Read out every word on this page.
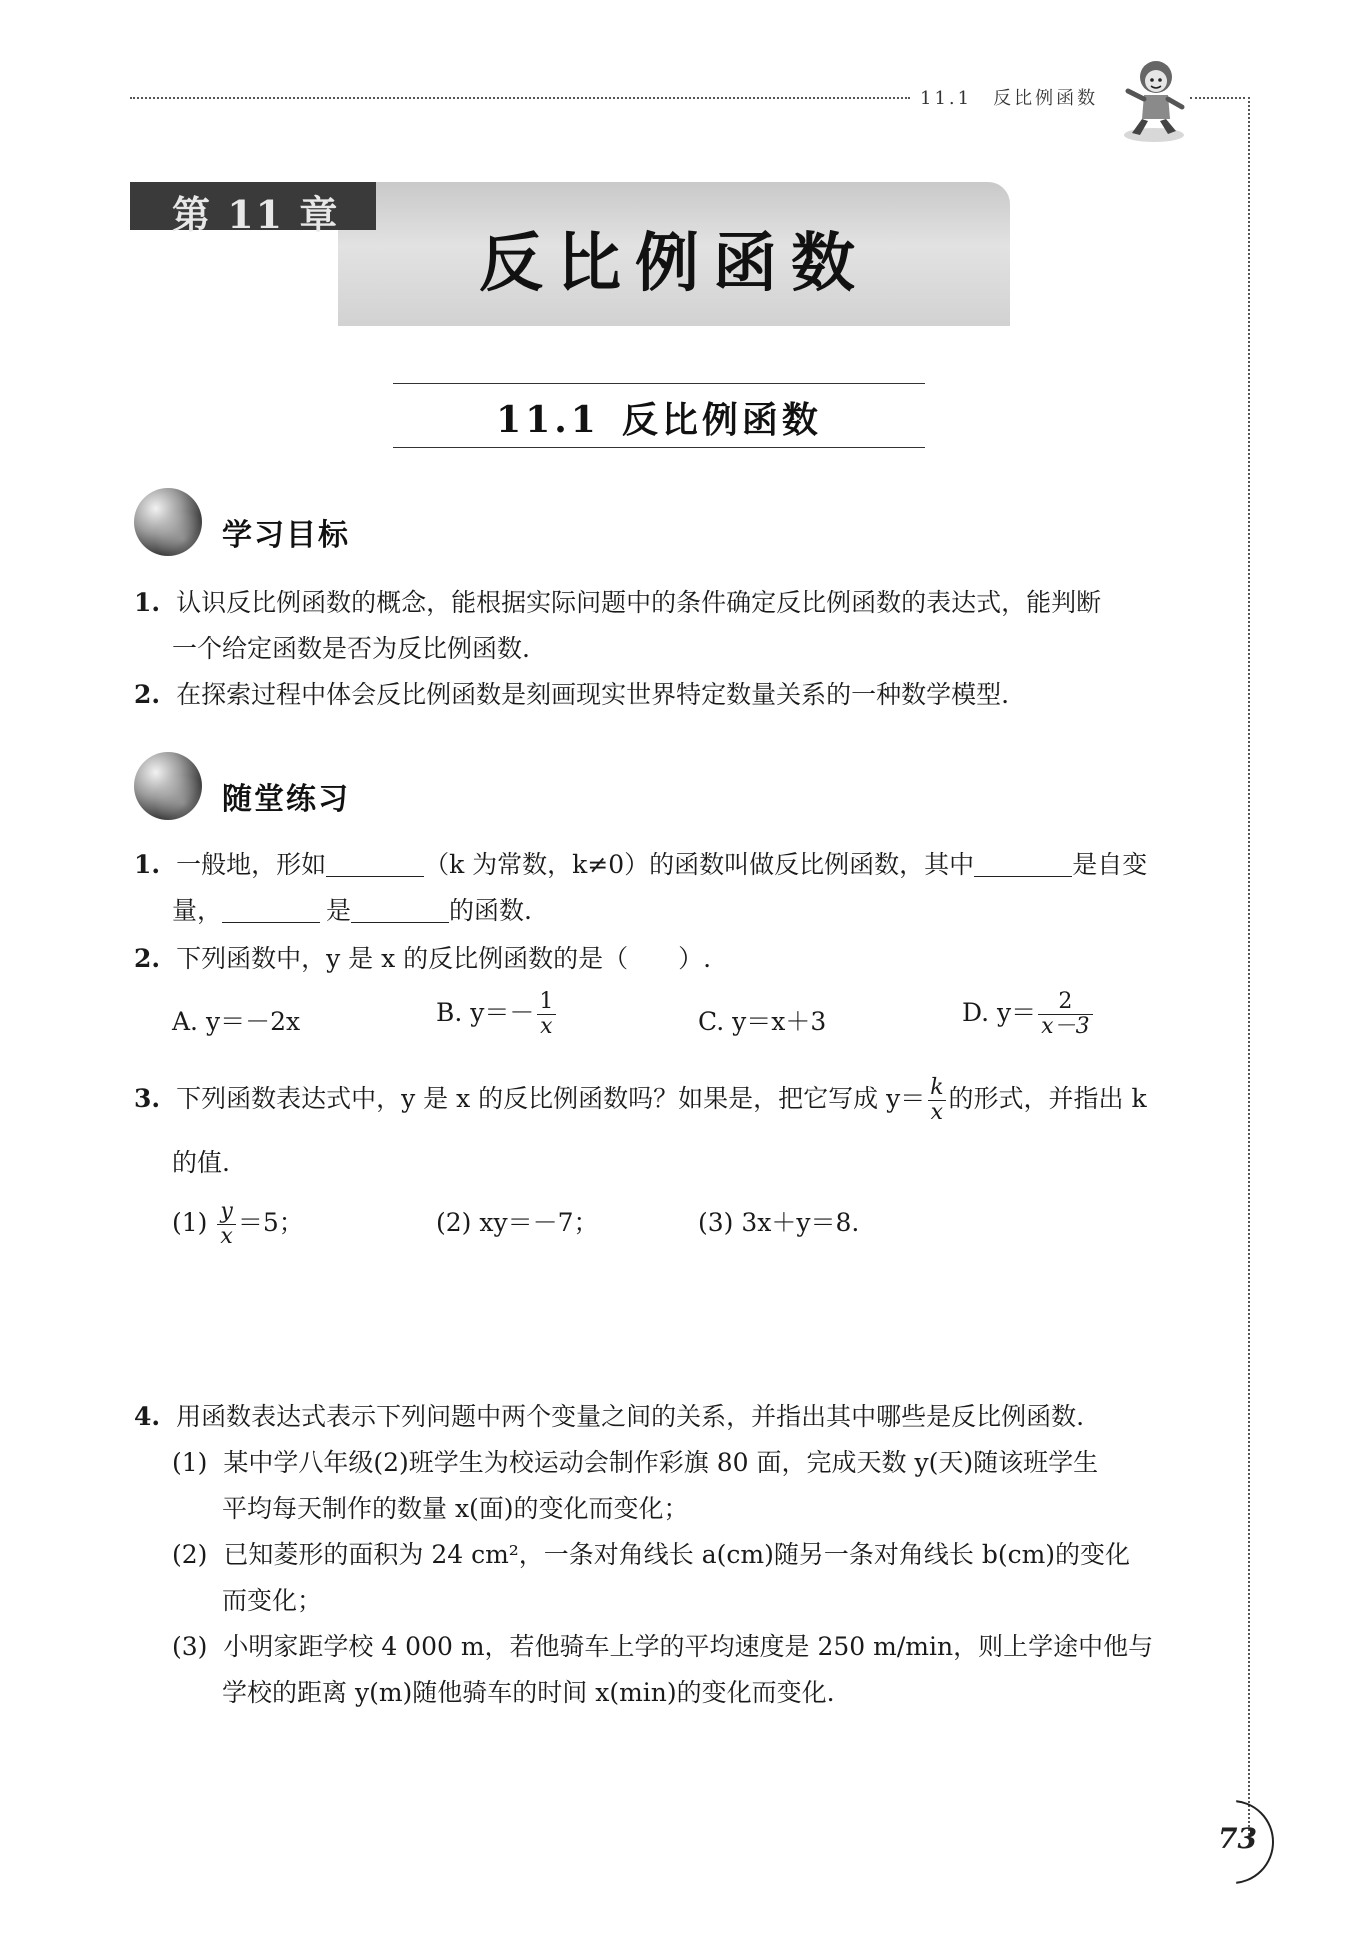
11.1　反比例函数
73
第 11 章
反比例函数
11.1 反比例函数
学习目标
1. 认识反比例函数的概念，能根据实际问题中的条件确定反比例函数的表达式，能判断
一个给定函数是否为反比例函数.
2. 在探索过程中体会反比例函数是刻画现实世界特定数量关系的一种数学模型.
随堂练习
1. 一般地，形如	（k 为常数，k≠0）的函数叫做反比例函数，其中	是自变
量，	是	的函数.
2. 下列函数中，y 是 x 的反比例函数的是（　　）.
A. y＝－2x	B. $y=- \frac{1}{x}$	C. y＝x＋3	D. $y= \frac{2}{x-3}$
3. 下列函数表达式中，y 是 x 的反比例函数吗？如果是，把它写成 $y= \frac{k}{x}$ 的形式，并指出 k
的值.
$(1) \frac{y}{x} =5$；	(2) xy＝－7；	(3) 3x＋y＝8.
4. 用函数表达式表示下列问题中两个变量之间的关系，并指出其中哪些是反比例函数.
(1) 某中学八年级(2)班学生为校运动会制作彩旗 80 面，完成天数 y(天)随该班学生
平均每天制作的数量 x(面)的变化而变化；
(2) 已知菱形的面积为 24 cm²，一条对角线长 a(cm)随另一条对角线长 b(cm)的变化
而变化；
(3) 小明家距学校 4 000 m，若他骑车上学的平均速度是 250 m/min，则上学途中他与
学校的距离 y(m)随他骑车的时间 x(min)的变化而变化.
